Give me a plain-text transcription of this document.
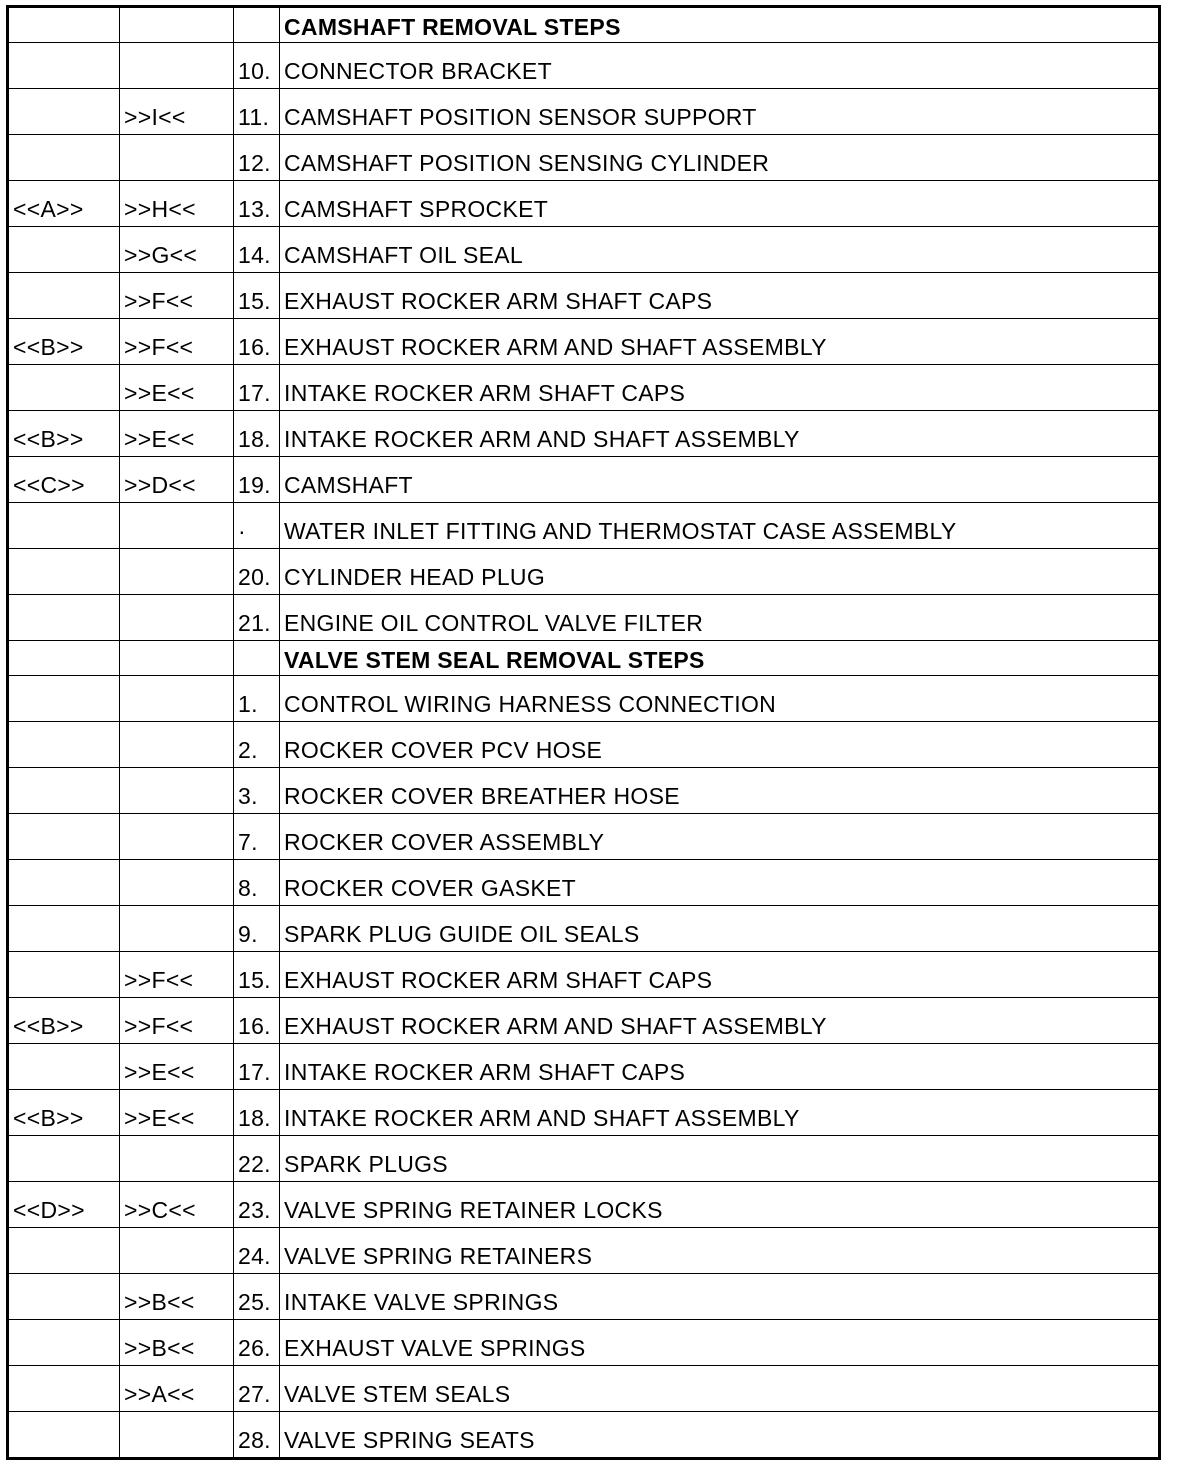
			CAMSHAFT REMOVAL STEPS
		10.	CONNECTOR BRACKET
	>>I<<	11.	CAMSHAFT POSITION SENSOR SUPPORT
		12.	CAMSHAFT POSITION SENSING CYLINDER
<<A>>	>>H<<	13.	CAMSHAFT SPROCKET
	>>G<<	14.	CAMSHAFT OIL SEAL
	>>F<<	15.	EXHAUST ROCKER ARM SHAFT CAPS
<<B>>	>>F<<	16.	EXHAUST ROCKER ARM AND SHAFT ASSEMBLY
	>>E<<	17.	INTAKE ROCKER ARM SHAFT CAPS
<<B>>	>>E<<	18.	INTAKE ROCKER ARM AND SHAFT ASSEMBLY
<<C>>	>>D<<	19.	CAMSHAFT
		·	WATER INLET FITTING AND THERMOSTAT CASE ASSEMBLY
		20.	CYLINDER HEAD PLUG
		21.	ENGINE OIL CONTROL VALVE FILTER
			VALVE STEM SEAL REMOVAL STEPS
		1.	CONTROL WIRING HARNESS CONNECTION
		2.	ROCKER COVER PCV HOSE
		3.	ROCKER COVER BREATHER HOSE
		7.	ROCKER COVER ASSEMBLY
		8.	ROCKER COVER GASKET
		9.	SPARK PLUG GUIDE OIL SEALS
	>>F<<	15.	EXHAUST ROCKER ARM SHAFT CAPS
<<B>>	>>F<<	16.	EXHAUST ROCKER ARM AND SHAFT ASSEMBLY
	>>E<<	17.	INTAKE ROCKER ARM SHAFT CAPS
<<B>>	>>E<<	18.	INTAKE ROCKER ARM AND SHAFT ASSEMBLY
		22.	SPARK PLUGS
<<D>>	>>C<<	23.	VALVE SPRING RETAINER LOCKS
		24.	VALVE SPRING RETAINERS
	>>B<<	25.	INTAKE VALVE SPRINGS
	>>B<<	26.	EXHAUST VALVE SPRINGS
	>>A<<	27.	VALVE STEM SEALS
		28.	VALVE SPRING SEATS
